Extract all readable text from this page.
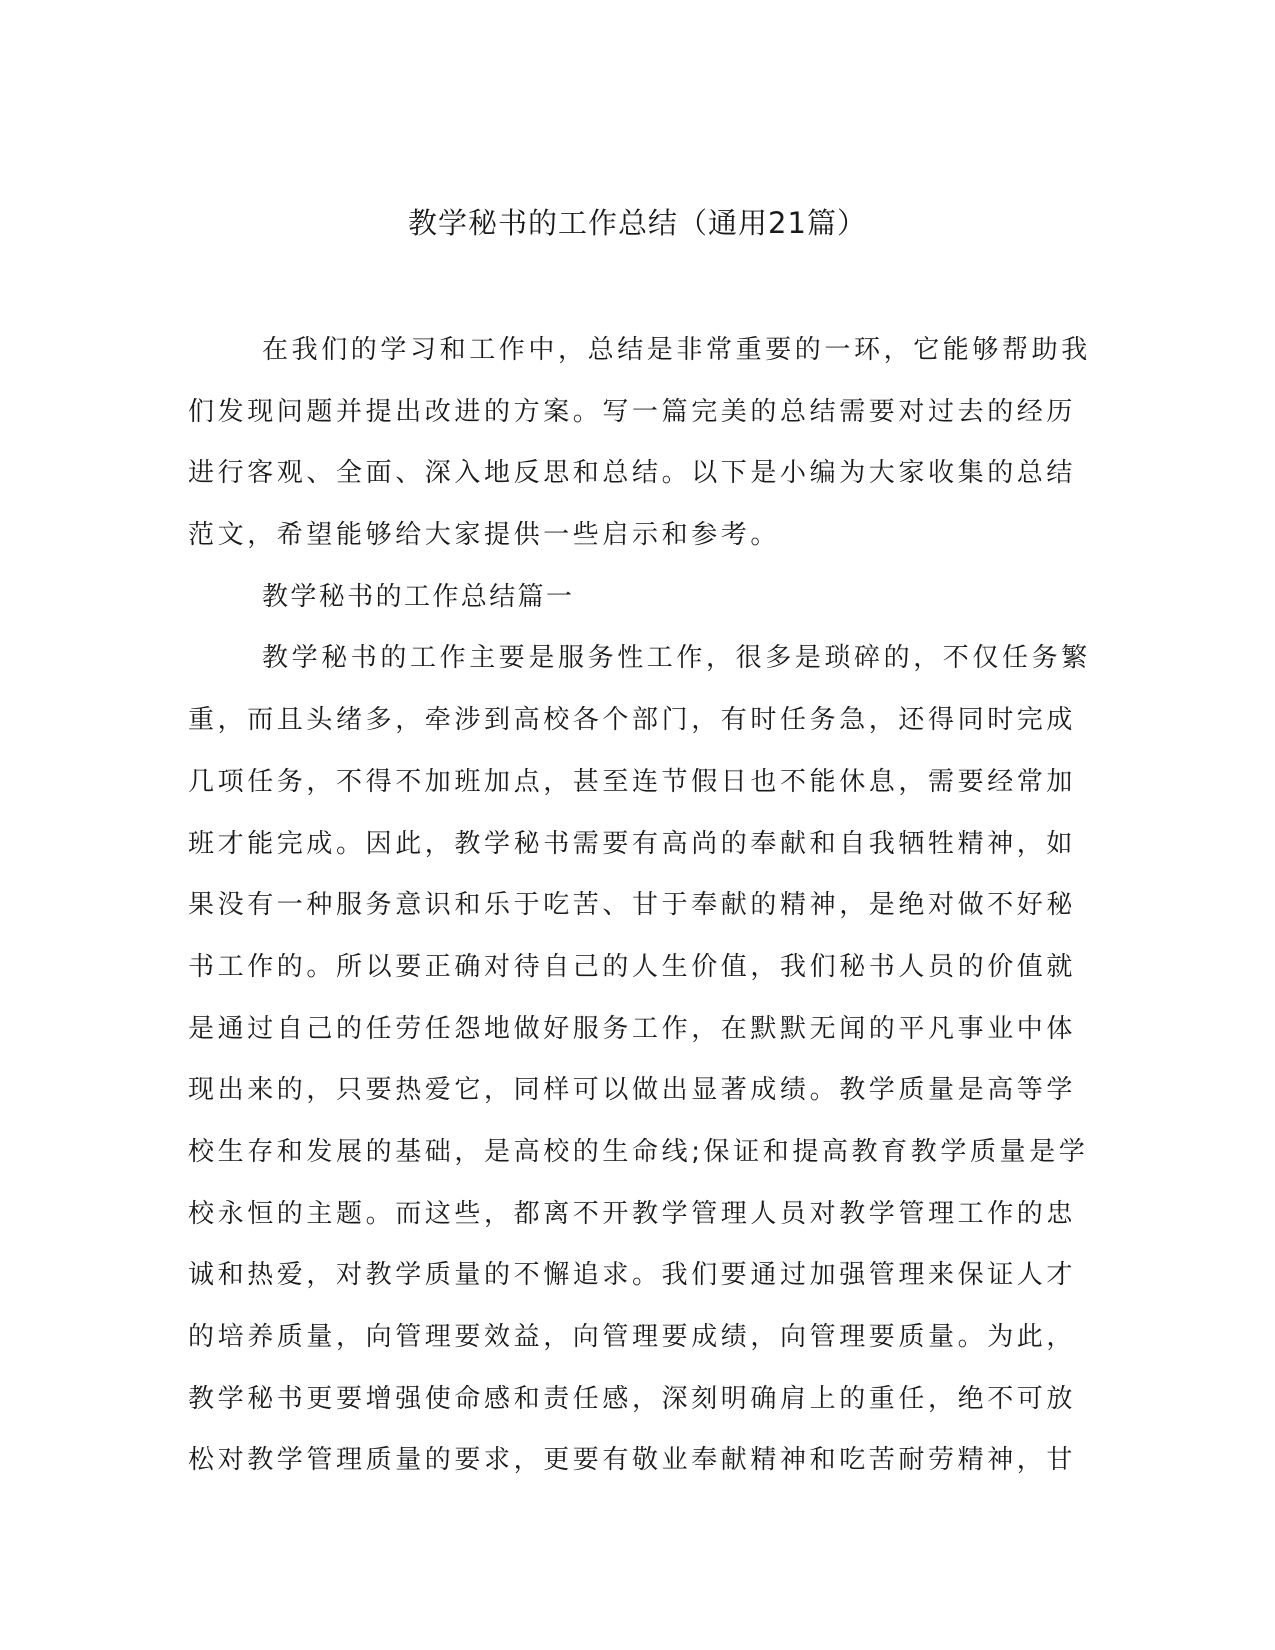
教学秘书的工作总结（通用21篇）

在我们的学习和工作中，总结是非常重要的一环，它能够帮助我

们发现问题并提出改进的方案。写一篇完美的总结需要对过去的经历

进行客观、全面、深入地反思和总结。以下是小编为大家收集的总结

范文，希望能够给大家提供一些启示和参考。

教学秘书的工作总结篇一

教学秘书的工作主要是服务性工作，很多是琐碎的，不仅任务繁

重，而且头绪多，牵涉到高校各个部门，有时任务急，还得同时完成

几项任务，不得不加班加点，甚至连节假日也不能休息，需要经常加

班才能完成。因此，教学秘书需要有高尚的奉献和自我牺牲精神，如

果没有一种服务意识和乐于吃苦、甘于奉献的精神，是绝对做不好秘

书工作的。所以要正确对待自己的人生价值，我们秘书人员的价值就

是通过自己的任劳任怨地做好服务工作，在默默无闻的平凡事业中体

现出来的，只要热爱它，同样可以做出显著成绩。教学质量是高等学

校生存和发展的基础，是高校的生命线;保证和提高教育教学质量是学

校永恒的主题。而这些，都离不开教学管理人员对教学管理工作的忠

诚和热爱，对教学质量的不懈追求。我们要通过加强管理来保证人才

的培养质量，向管理要效益，向管理要成绩，向管理要质量。为此，

教学秘书更要增强使命感和责任感，深刻明确肩上的重任，绝不可放

松对教学管理质量的要求，更要有敬业奉献精神和吃苦耐劳精神，甘
